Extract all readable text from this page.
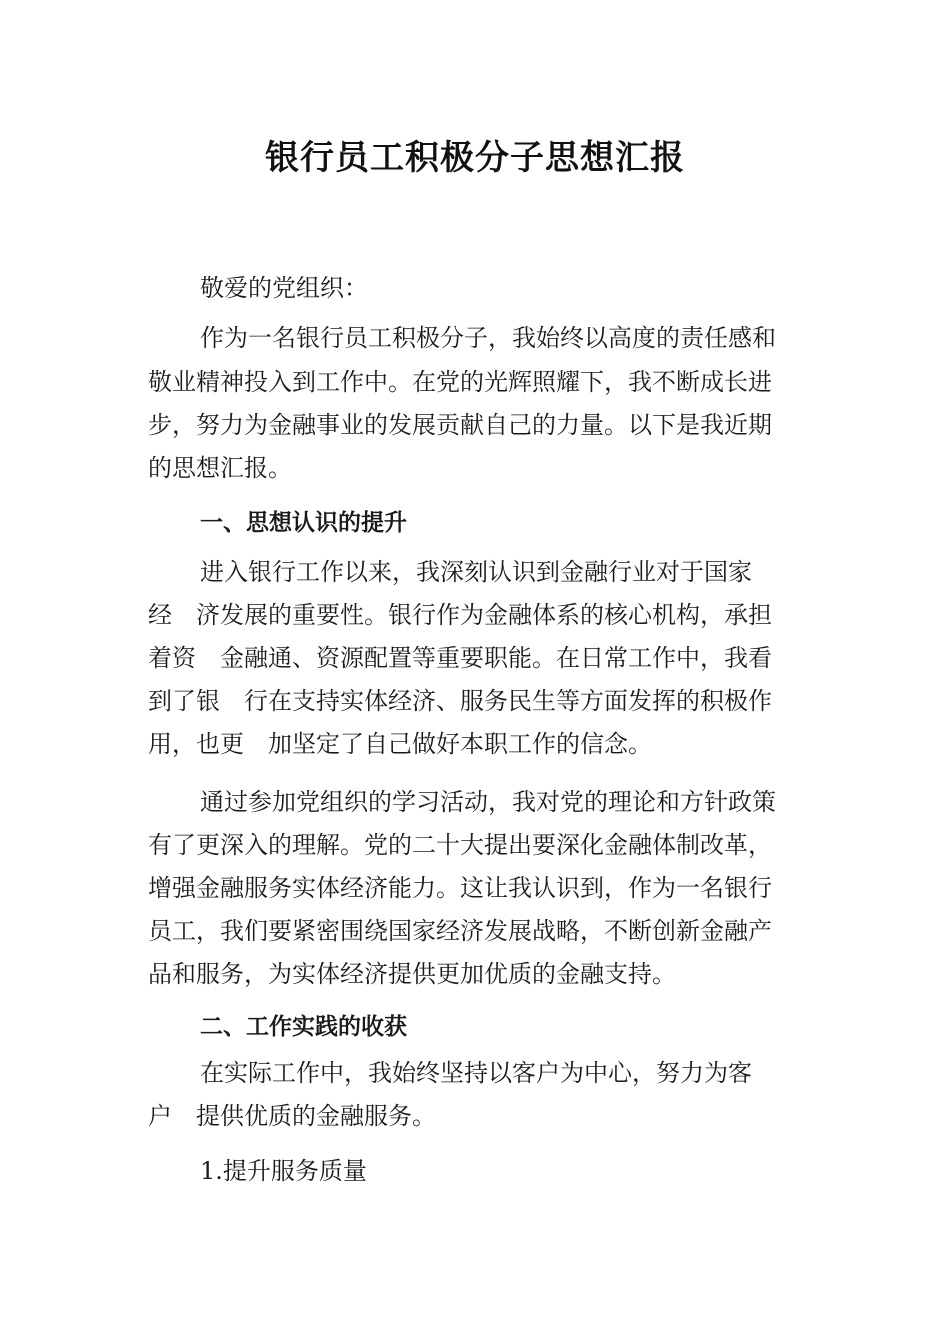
银行员工积极分子思想汇报
敬爱的党组织：
作为一名银行员工积极分子，我始终以高度的责任感和
敬业精神投入到工作中。在党的光辉照耀下，我不断成长进
步，努力为金融事业的发展贡献自己的力量。以下是我近期
的思想汇报。
一、思想认识的提升
进入银行工作以来，我深刻认识到金融行业对于国家
经　济发展的重要性。银行作为金融体系的核心机构，承担
着资　金融通、资源配置等重要职能。在日常工作中，我看
到了银　行在支持实体经济、服务民生等方面发挥的积极作
用，也更　加坚定了自己做好本职工作的信念。
通过参加党组织的学习活动，我对党的理论和方针政策
有了更深入的理解。党的二十大提出要深化金融体制改革，
增强金融服务实体经济能力。这让我认识到，作为一名银行
员工，我们要紧密围绕国家经济发展战略，不断创新金融产
品和服务，为实体经济提供更加优质的金融支持。
二、工作实践的收获
在实际工作中，我始终坚持以客户为中心，努力为客
户　提供优质的金融服务。
1.提升服务质量
